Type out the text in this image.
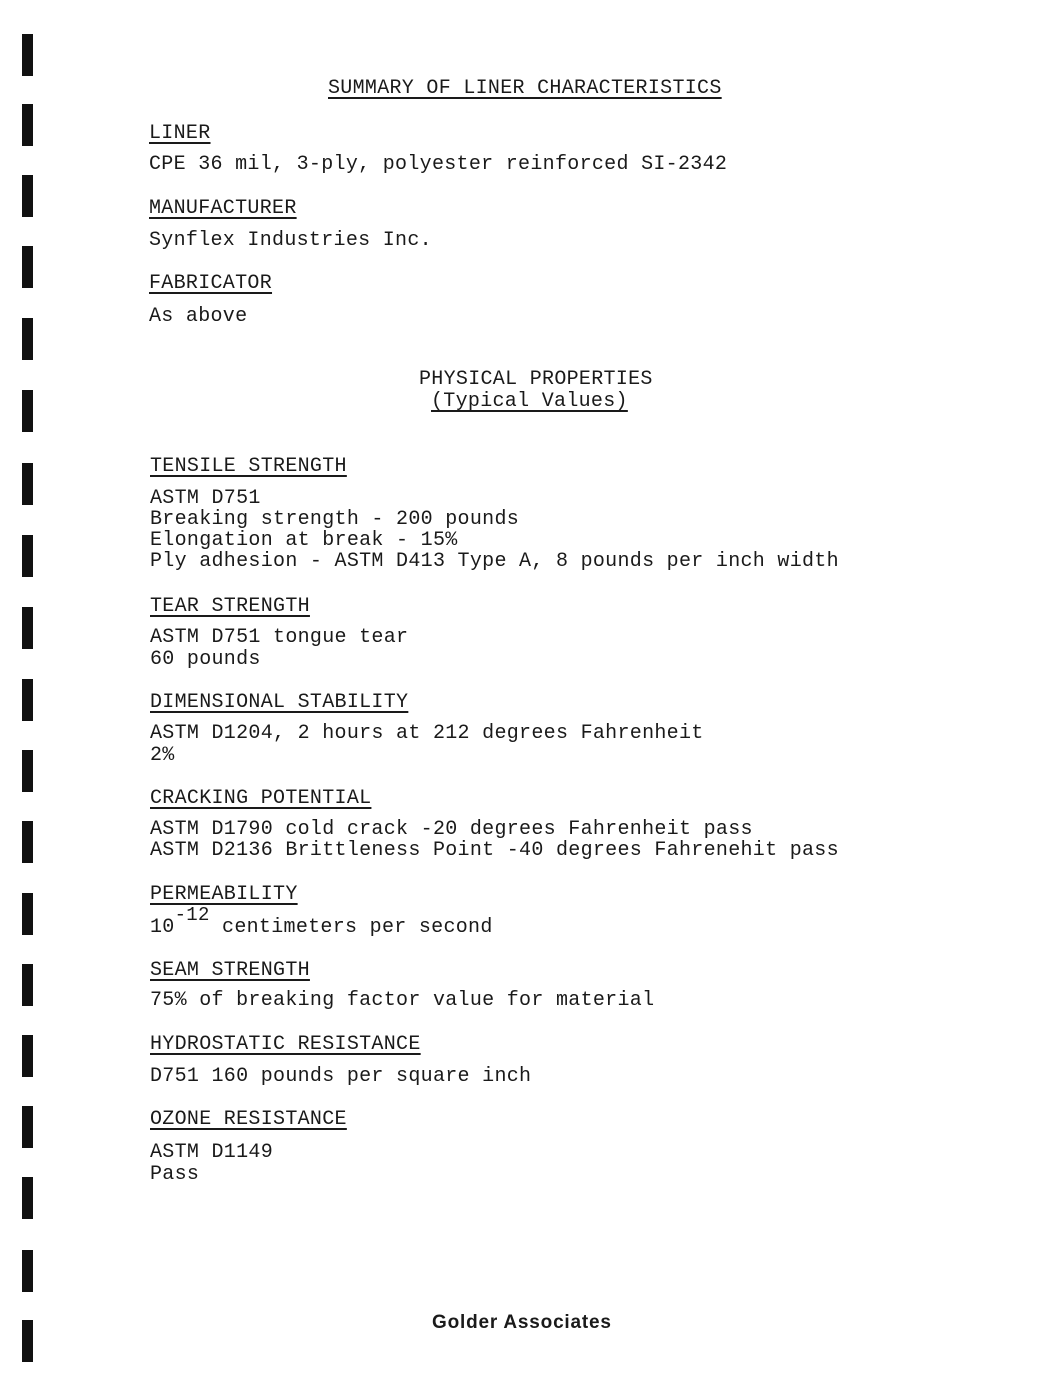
SUMMARY OF LINER CHARACTERISTICS
LINER
CPE 36 mil, 3-ply, polyester reinforced SI-2342
MANUFACTURER
Synflex Industries Inc.
FABRICATOR
As above
PHYSICAL PROPERTIES
(Typical Values)
TENSILE STRENGTH
ASTM D751
Breaking strength - 200 pounds
Elongation at break - 15%
Ply adhesion - ASTM D413 Type A, 8 pounds per inch width
TEAR STRENGTH
ASTM D751 tongue tear
60 pounds
DIMENSIONAL STABILITY
ASTM D1204, 2 hours at 212 degrees Fahrenheit
2%
CRACKING POTENTIAL
ASTM D1790 cold crack -20 degrees Fahrenheit pass
ASTM D2136 Brittleness Point -40 degrees Fahrenehit pass
PERMEABILITY
10-12 centimeters per second
SEAM STRENGTH
75% of breaking factor value for material
HYDROSTATIC RESISTANCE
D751 160 pounds per square inch
OZONE RESISTANCE
ASTM D1149
Pass
Golder Associates
